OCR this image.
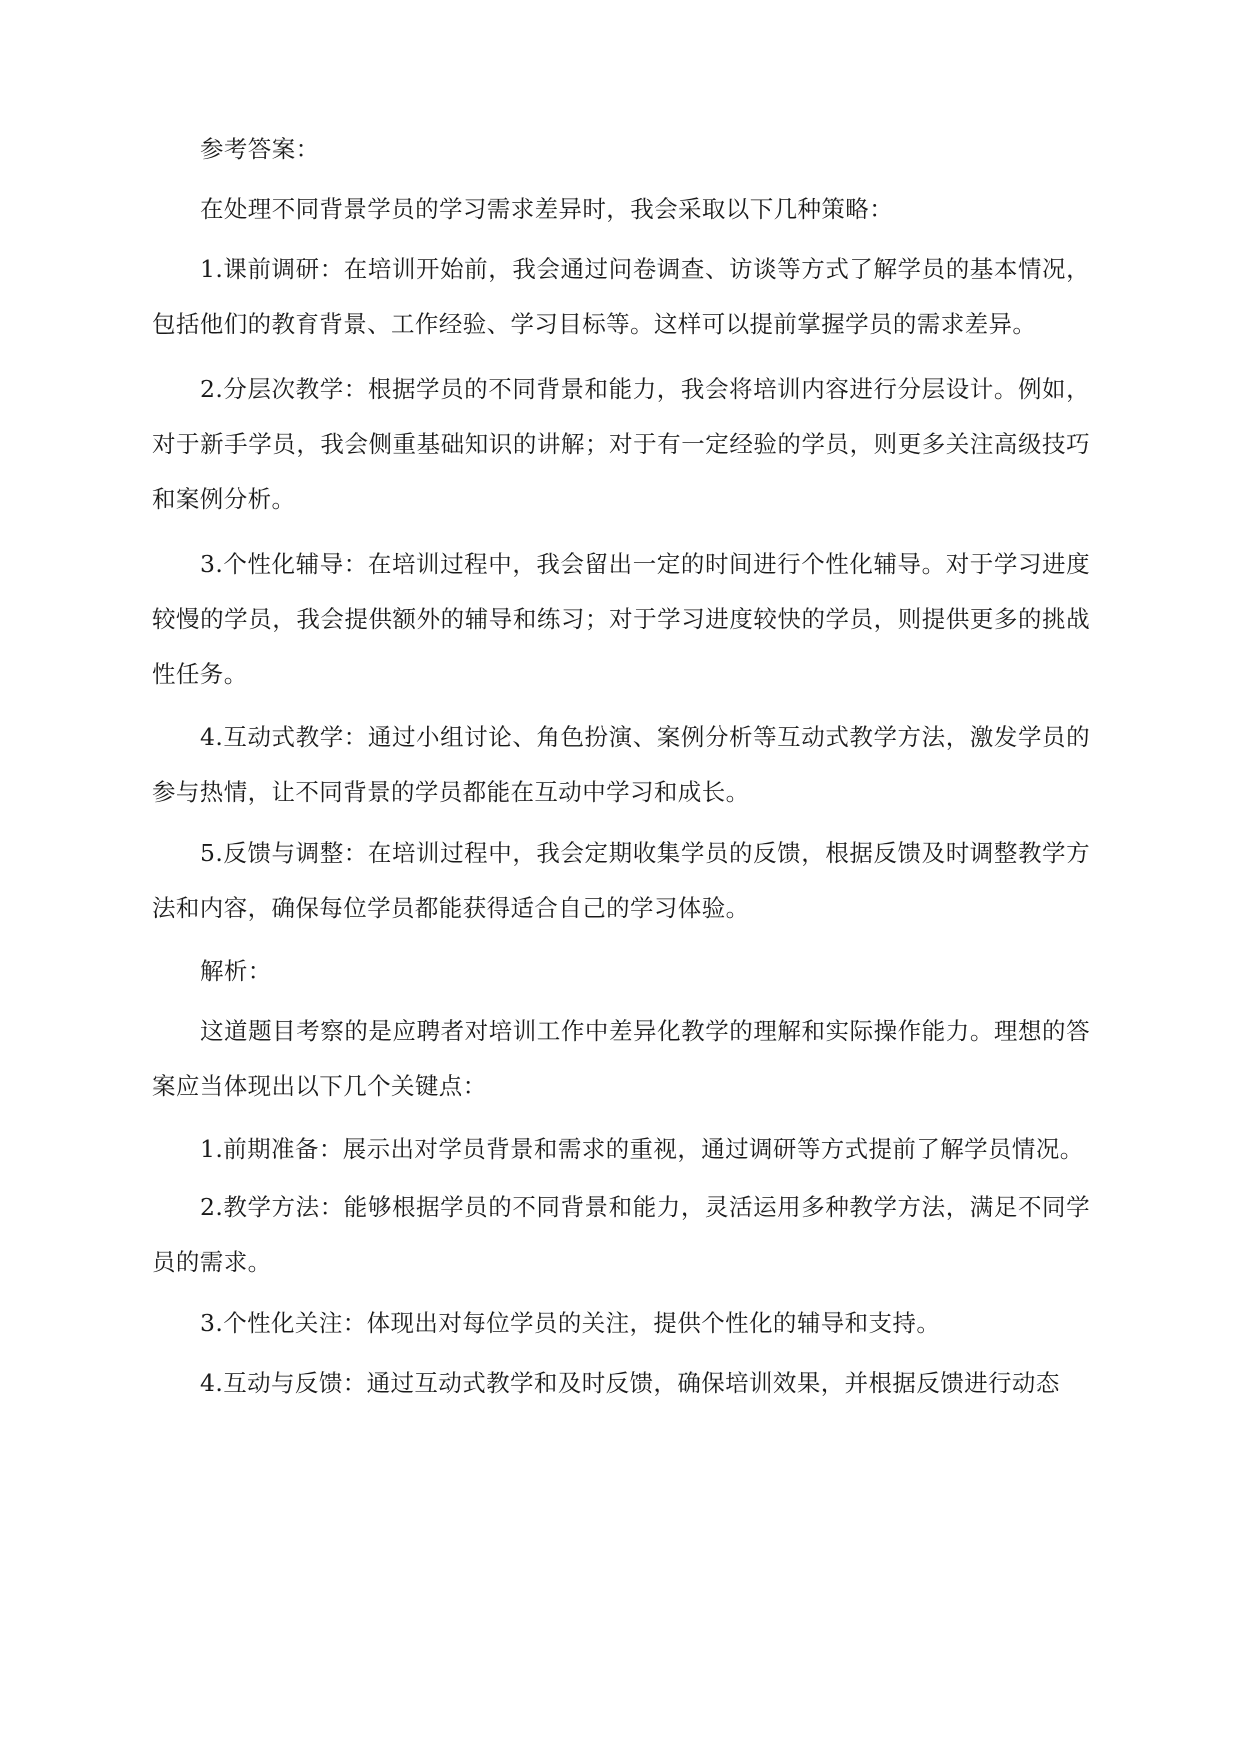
参考答案：

在处理不同背景学员的学习需求差异时，我会采取以下几种策略：

1.课前调研：在培训开始前，我会通过问卷调查、访谈等方式了解学员的基本情况，包括他们的教育背景、工作经验、学习目标等。这样可以提前掌握学员的需求差异。

2.分层次教学：根据学员的不同背景和能力，我会将培训内容进行分层设计。例如，对于新手学员，我会侧重基础知识的讲解；对于有一定经验的学员，则更多关注高级技巧和案例分析。

3.个性化辅导：在培训过程中，我会留出一定的时间进行个性化辅导。对于学习进度较慢的学员，我会提供额外的辅导和练习；对于学习进度较快的学员，则提供更多的挑战性任务。

4.互动式教学：通过小组讨论、角色扮演、案例分析等互动式教学方法，激发学员的参与热情，让不同背景的学员都能在互动中学习和成长。

5.反馈与调整：在培训过程中，我会定期收集学员的反馈，根据反馈及时调整教学方法和内容，确保每位学员都能获得适合自己的学习体验。

解析：

这道题目考察的是应聘者对培训工作中差异化教学的理解和实际操作能力。理想的答案应当体现出以下几个关键点：

1.前期准备：展示出对学员背景和需求的重视，通过调研等方式提前了解学员情况。

2.教学方法：能够根据学员的不同背景和能力，灵活运用多种教学方法，满足不同学员的需求。

3.个性化关注：体现出对每位学员的关注，提供个性化的辅导和支持。

4.互动与反馈：通过互动式教学和及时反馈，确保培训效果，并根据反馈进行动态
